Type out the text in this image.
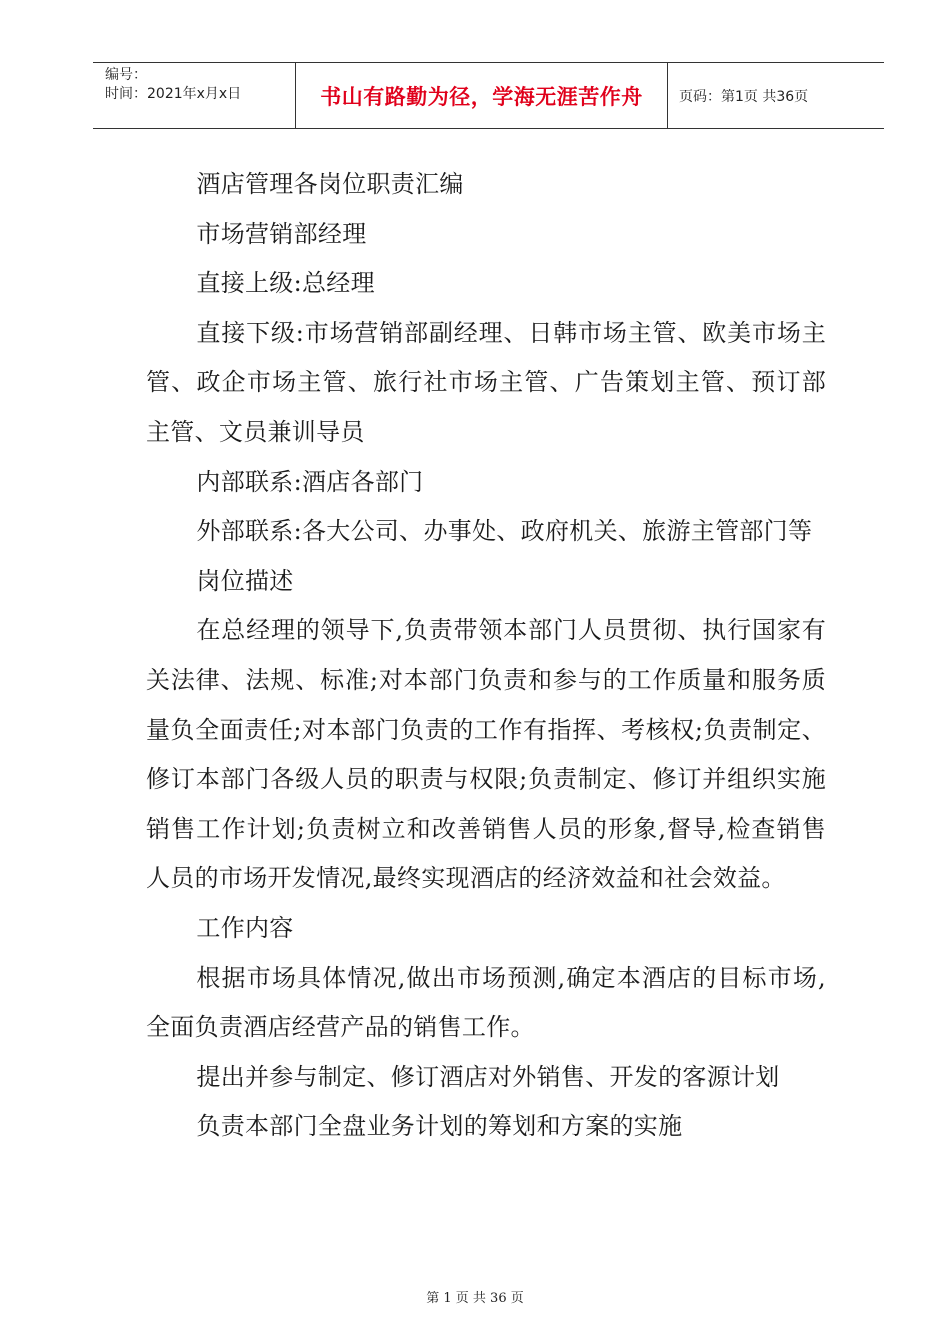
编号：
时间：2021年x月x日	书山有路勤为径，学海无涯苦作舟	页码：第1页 共36页

酒店管理各岗位职责汇编

市场营销部经理

直接上级:总经理

直接下级:市场营销部副经理、日韩市场主管、欧美市场主管、政企市场主管、旅行社市场主管、广告策划主管、预订部主管、文员兼训导员

内部联系:酒店各部门

外部联系:各大公司、办事处、政府机关、旅游主管部门等

岗位描述

在总经理的领导下,负责带领本部门人员贯彻、执行国家有关法律、法规、标准;对本部门负责和参与的工作质量和服务质量负全面责任;对本部门负责的工作有指挥、考核权;负责制定、修订本部门各级人员的职责与权限;负责制定、修订并组织实施销售工作计划;负责树立和改善销售人员的形象,督导,检查销售人员的市场开发情况,最终实现酒店的经济效益和社会效益。

工作内容

根据市场具体情况,做出市场预测,确定本酒店的目标市场,全面负责酒店经营产品的销售工作。

提出并参与制定、修订酒店对外销售、开发的客源计划

负责本部门全盘业务计划的筹划和方案的实施

第 1 页 共 36 页
